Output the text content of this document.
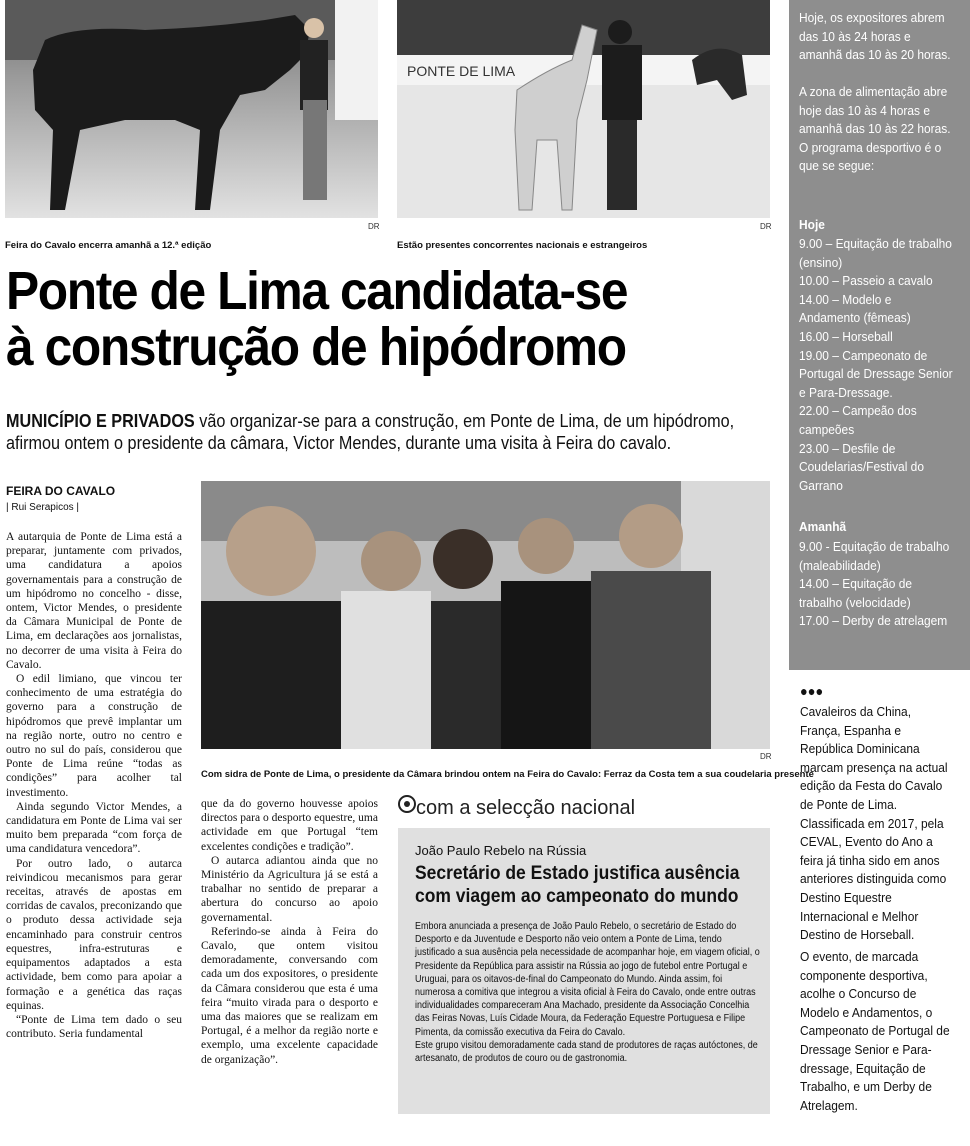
DR
Feira do Cavalo encerra amanhã a 12.ª edição
PONTE DE LIMA
DR
Estão presentes concorrentes nacionais e estrangeiros
Ponte de Lima candidata-se
à construção de hipódromo

MUNICÍPIO E PRIVADOS vão organizar-se para a construção, em Ponte de Lima, de um hipódromo, afirmou ontem o presidente da câmara, Victor Mendes, durante uma visita à Feira do cavalo.

FEIRA DO CAVALO
| Rui Serapicos |
DR
Com sidra de Ponte de Lima, o presidente da Câmara brindou ontem na Feira do Cavalo: Ferraz da Costa tem a sua coudelaria presente

A autarquia de Ponte de Lima está a preparar, juntamente com privados, uma candidatura a apoios governamentais para a construção de um hipódromo no concelho - disse, ontem, Victor Mendes, o presidente da Câmara Municipal de Ponte de Lima, em declarações aos jornalistas, no decorrer de uma visita à Feira do Cavalo.

O edil limiano, que vincou ter conhecimento de uma estratégia do governo para a construção de hipódromos que prevê implantar um na região norte, outro no centro e outro no sul do país, considerou que Ponte de Lima reúne “todas as condições” para acolher tal investimento.

Ainda segundo Victor Mendes, a candidatura em Ponte de Lima vai ser muito bem preparada “com força de uma candidatura vencedora”.

Por outro lado, o autarca reivindicou mecanismos para gerar receitas, através de apostas em corridas de cavalos, preconizando que o produto dessa actividade seja encaminhado para construir centros equestres, infra-estruturas e equipamentos adaptados a esta actividade, bem como para apoiar a formação e a genética das raças equinas.

“Ponte de Lima tem dado o seu contributo. Seria fundamental

que da do governo houvesse apoios directos para o desporto equestre, uma actividade em que Portugal “tem excelentes condições e tradição”.

O autarca adiantou ainda que no Ministério da Agricultura já se está a trabalhar no sentido de preparar a abertura do concurso ao apoio governamental.

Referindo-se ainda à Feira do Cavalo, que ontem visitou demoradamente, conversando com cada um dos expositores, o presidente da Câmara considerou que esta é uma feira “muito virada para o desporto e uma das maiores que se realizam em Portugal, é a melhor da região norte e exemplo, uma excelente capacidade de organização”.

com a selecção nacional
João Paulo Rebelo na Rússia
Secretário de Estado justifica ausência com viagem ao campeonato do mundo

Embora anunciada a presença de João Paulo Rebelo, o secretário de Estado do Desporto e da Juventude e Desporto não veio ontem a Ponte de Lima, tendo justificado a sua ausência pela necessidade de acompanhar hoje, em viagem oficial, o Presidente da República para assistir na Rússia ao jogo de futebol entre Portugal e Uruguai, para os oitavos-de-final do Campeonato do Mundo. Ainda assim, foi numerosa a comitiva que integrou a visita oficial à Feira do Cavalo, onde entre outras individualidades compareceram Ana Machado, presidente da Associação Concelhia das Feiras Novas, Luís Cidade Moura, da Federação Equestre Portuguesa e Filipe Pimenta, da comissão executiva da Feira do Cavalo.

Este grupo visitou demoradamente cada stand de produtores de raças autóctones, de artesanato, de produtos de couro ou de gastronomia.

Hoje, os expositores abrem das 10 às 24 horas e amanhã das 10 às 20 horas.
A zona de alimentação abre hoje das 10 às 4 horas e amanhã das 10 às 22 horas. O programa desportivo é o que se segue:
Hoje
9.00 – Equitação de trabalho (ensino)
10.00 – Passeio a cavalo
14.00 – Modelo e Andamento (fêmeas)
16.00 – Horseball
19.00 – Campeonato de Portugal de Dressage Senior e Para-Dressage.
22.00 – Campeão dos campeões
23.00 – Desfile de Coudelarias/Festival do Garrano
Amanhã
9.00 - Equitação de trabalho (maleabilidade)
14.00 – Equitação de trabalho (velocidade)
17.00 – Derby de atrelagem
●●●
Cavaleiros da China, França, Espanha e República Dominicana marcam presença na actual edição da Festa do Cavalo de Ponte de Lima. Classificada em 2017, pela CEVAL, Evento do Ano a feira já tinha sido em anos anteriores distinguida como Destino Equestre Internacional e Melhor Destino de Horseball.
O evento, de marcada componente desportiva, acolhe o Concurso de Modelo e Andamentos, o Campeonato de Portugal de Dressage Senior e Para-dressage, Equitação de Trabalho, e um Derby de Atrelagem.
